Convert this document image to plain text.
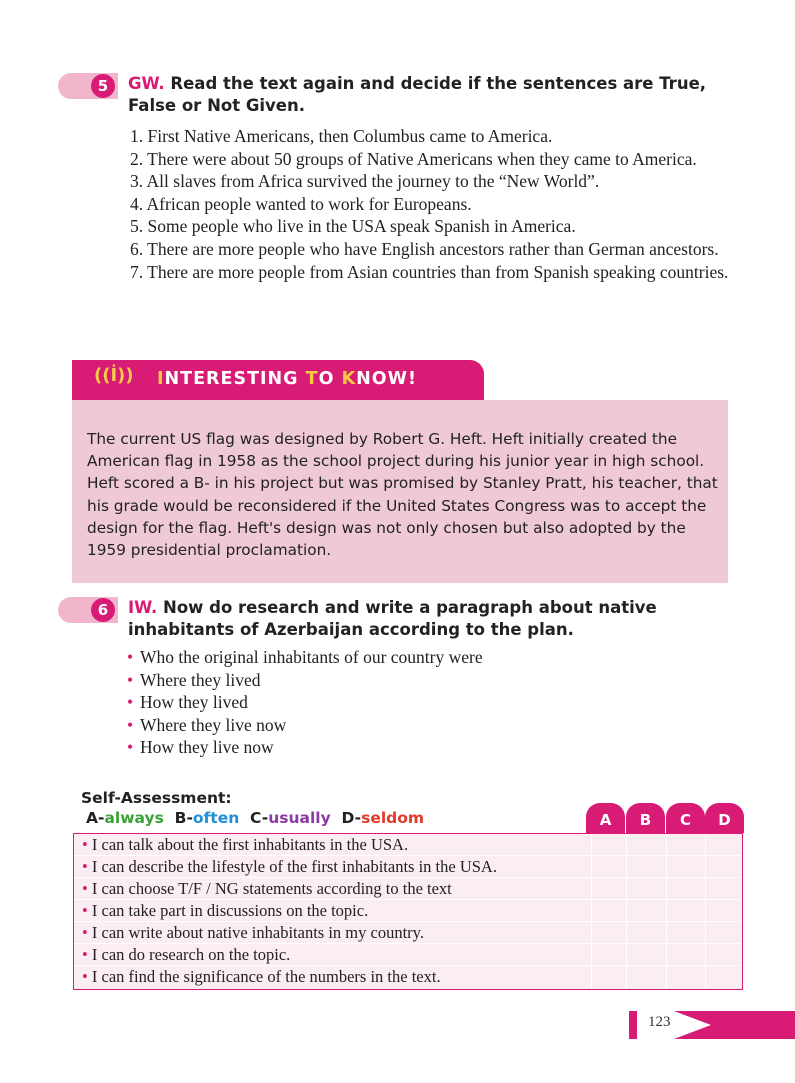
5	GW. Read the text again and decide if the sentences are True, False or Not Given.
1. First Native Americans, then Columbus came to America.
2. There were about 50 groups of Native Americans when they came to America.
3. All slaves from Africa survived the journey to the “New World”.
4. African people wanted to work for Europeans.
5. Some people who live in the USA speak Spanish in America.
6. There are more people who have English ancestors rather than German ancestors.
7. There are more people from Asian countries than from Spanish speaking countries.
((İ)) INTERESTING TO KNOW!
The current US flag was designed by Robert G. Heft. Heft initially created the American flag in 1958 as the school project during his junior year in high school. Heft scored a B- in his project but was promised by Stanley Pratt, his teacher, that his grade would be reconsidered if the United States Congress was to accept the design for the flag. Heft's design was not only chosen but also adopted by the 1959 presidential proclamation.
6	IW. Now do research and write a paragraph about native inhabitants of Azerbaijan according to the plan.
• Who the original inhabitants of our country were
• Where they lived
• How they lived
• Where they live now
• How they live now
Self-Assessment:
A-always B-often C-usually D-seldom	A	B	C	D
• I can talk about the first inhabitants in the USA.
• I can describe the lifestyle of the first inhabitants in the USA.
• I can choose T/F / NG statements according to the text
• I can take part in discussions on the topic.
• I can write about native inhabitants in my country.
• I can do research on the topic.
• I can find the significance of the numbers in the text.
123
